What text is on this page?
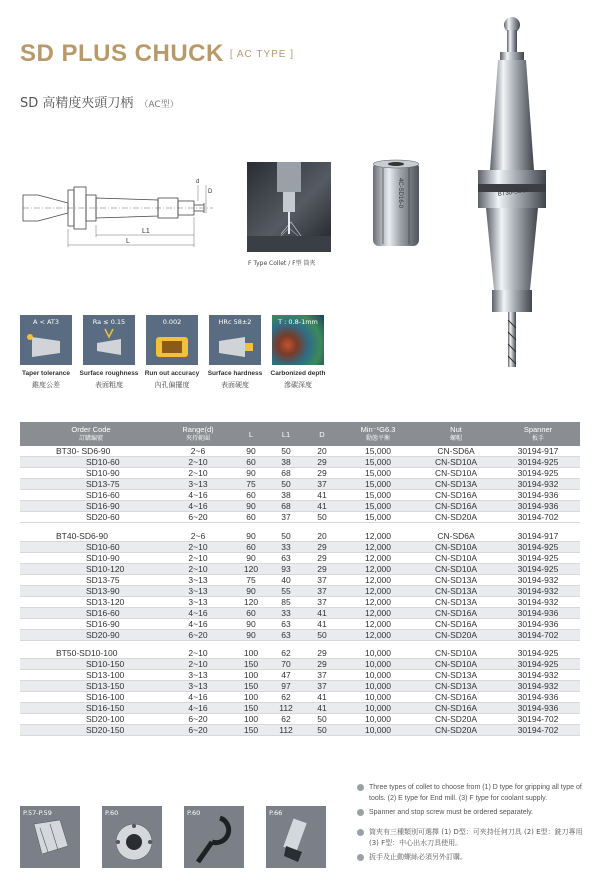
SD PLUS CHUCK [ AC TYPE ]
SD 高精度夾頭刀柄 （AC型）
L1
L
d
D
F Type Collet / F型 筒夾
4C-SD16-0	BT30-SD16
A < AT3
Taper tolerance
錐度公差
Ra ≤ 0.15
Surface roughness
表面粗度
0.002
Run out accuracy
內孔偏擺度
HRc 58±2
Surface hardness
表面硬度
T : 0.8-1mm
Carbonized depth
滲碳深度
Order Code
訂購編號	Range(d)
夾持範圍	L	L1	D	Min⁻¹G6.3
動態平衡	Nut
螺帽	Spanner
板手

BT30- SD6-90	2~6	90	50	20	15,000	CN-SD6A	30194-917
SD10-60	2~10	60	38	29	15,000	CN-SD10A	30194-925
SD10-90	2~10	90	68	29	15,000	CN-SD10A	30194-925
SD13-75	3~13	75	50	37	15,000	CN-SD13A	30194-932
SD16-60	4~16	60	38	41	15,000	CN-SD16A	30194-936
SD16-90	4~16	90	68	41	15,000	CN-SD16A	30194-936
SD20-60	6~20	60	37	50	15,000	CN-SD20A	30194-702

BT40-SD6-90	2~6	90	50	20	12,000	CN-SD6A	30194-917
SD10-60	2~10	60	33	29	12,000	CN-SD10A	30194-925
SD10-90	2~10	90	63	29	12,000	CN-SD10A	30194-925
SD10-120	2~10	120	93	29	12,000	CN-SD10A	30194-925
SD13-75	3~13	75	40	37	12,000	CN-SD13A	30194-932
SD13-90	3~13	90	55	37	12,000	CN-SD13A	30194-932
SD13-120	3~13	120	85	37	12,000	CN-SD13A	30194-932
SD16-60	4~16	60	33	41	12,000	CN-SD16A	30194-936
SD16-90	4~16	90	63	41	12,000	CN-SD16A	30194-936
SD20-90	6~20	90	63	50	12,000	CN-SD20A	30194-702

BT50-SD10-100	2~10	100	62	29	10,000	CN-SD10A	30194-925
SD10-150	2~10	150	70	29	10,000	CN-SD10A	30194-925
SD13-100	3~13	100	47	37	10,000	CN-SD13A	30194-932
SD13-150	3~13	150	97	37	10,000	CN-SD13A	30194-932
SD16-100	4~16	100	62	41	10,000	CN-SD16A	30194-936
SD16-150	4~16	150	112	41	10,000	CN-SD16A	30194-936
SD20-100	6~20	100	62	50	10,000	CN-SD20A	30194-702
SD20-150	6~20	150	112	50	10,000	CN-SD20A	30194-702
Three types of collet to choose from (1) D type for gripping all type of tools. (2) E type for End mill. (3) F type for coolant supply.
Spanner and stop screw must be ordered separately.
筒夾有三種類別可選擇 (1) D型：可夾持任何刀具 (2) E型：銑刀專用 (3) F型：中心出水刀具使用。
扳手及止動螺絲必須另外訂購。
P.57-P.59	P.60	P.60	P.66
